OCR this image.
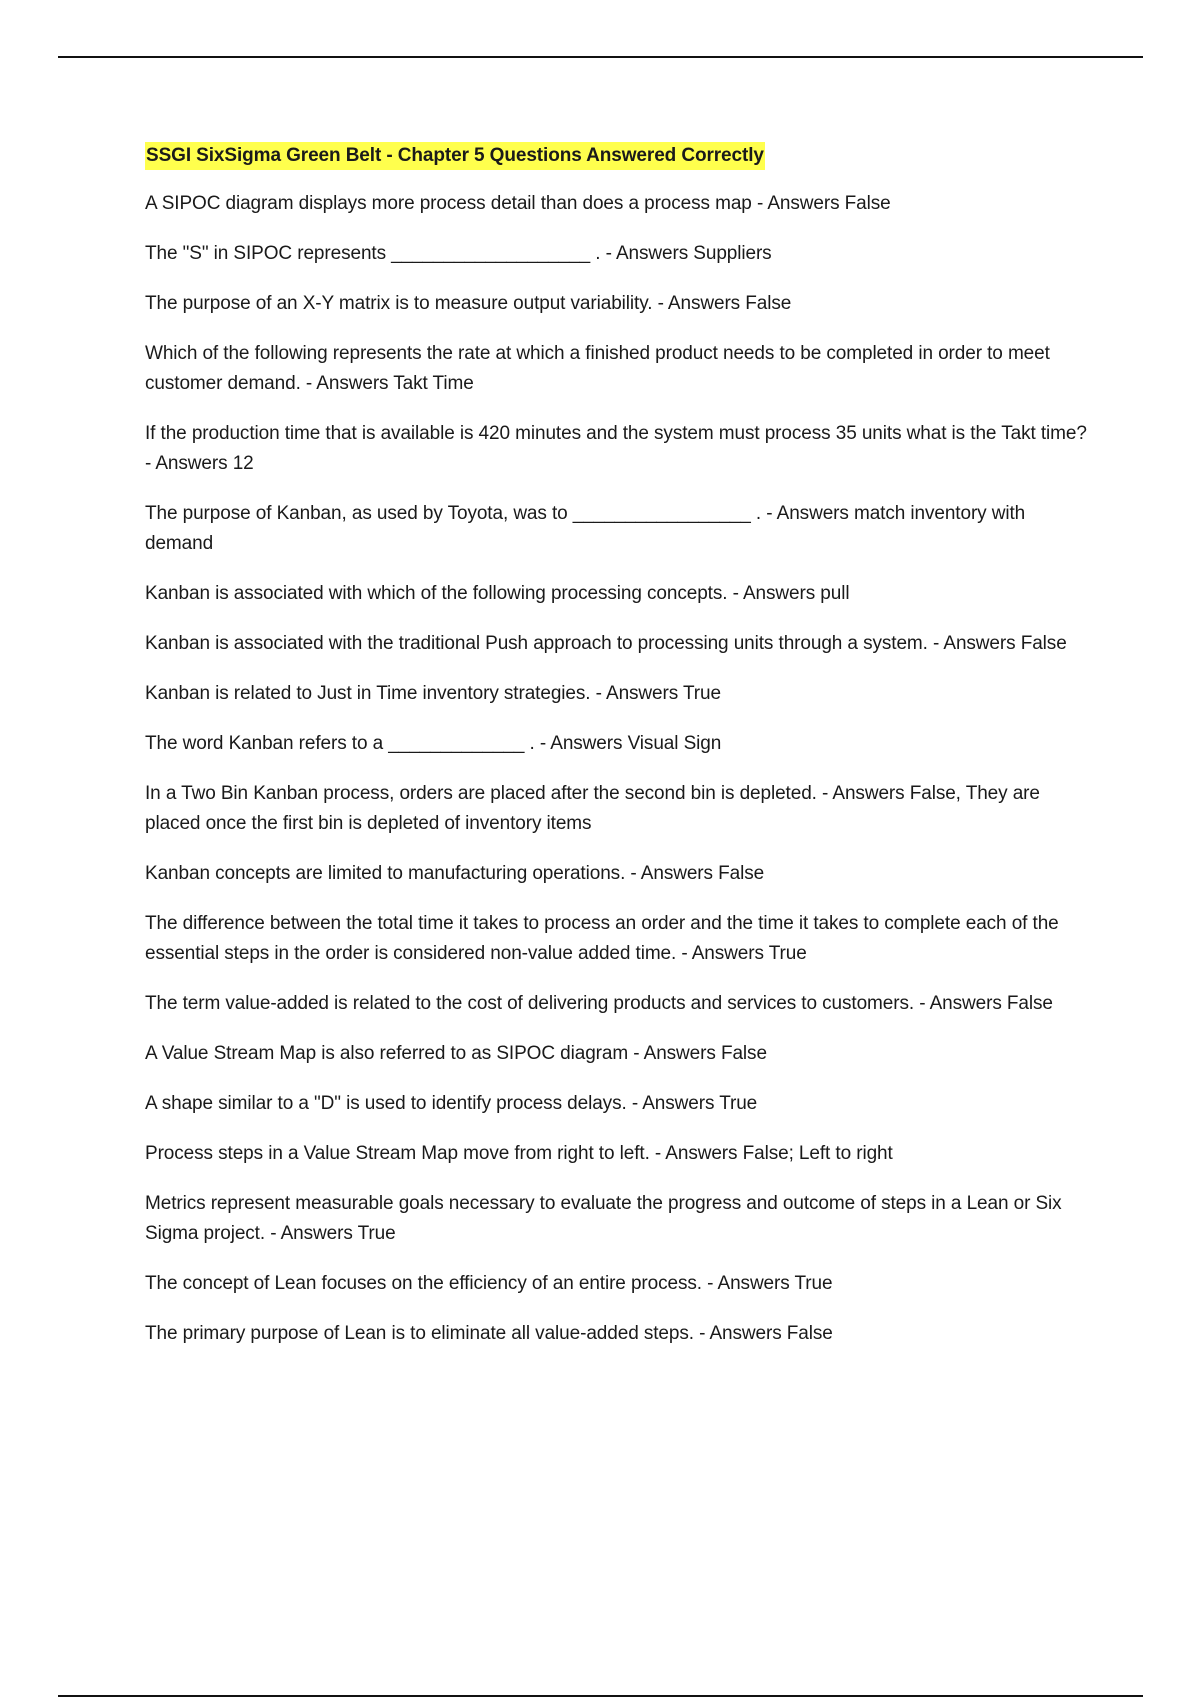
SSGI SixSigma Green Belt - Chapter 5 Questions Answered Correctly

A SIPOC diagram displays more process detail than does a process map - Answers False

The "S" in SIPOC represents ___________________ . - Answers Suppliers

The purpose of an X-Y matrix is to measure output variability. - Answers False

Which of the following represents the rate at which a finished product needs to be completed in order to meet customer demand. - Answers Takt Time

If the production time that is available is 420 minutes and the system must process 35 units what is the Takt time? - Answers 12

The purpose of Kanban, as used by Toyota, was to _________________ . - Answers match inventory with demand

Kanban is associated with which of the following processing concepts. - Answers pull

Kanban is associated with the traditional Push approach to processing units through a system. - Answers False

Kanban is related to Just in Time inventory strategies. - Answers True

The word Kanban refers to a _____________ . - Answers Visual Sign

In a Two Bin Kanban process, orders are placed after the second bin is depleted. - Answers False, They are placed once the first bin is depleted of inventory items

Kanban concepts are limited to manufacturing operations. - Answers False

The difference between the total time it takes to process an order and the time it takes to complete each of the essential steps in the order is considered non-value added time. - Answers True

The term value-added is related to the cost of delivering products and services to customers. - Answers False

A Value Stream Map is also referred to as SIPOC diagram - Answers False

A shape similar to a "D" is used to identify process delays. - Answers True

Process steps in a Value Stream Map move from right to left. - Answers False; Left to right

Metrics represent measurable goals necessary to evaluate the progress and outcome of steps in a Lean or Six Sigma project. - Answers True

The concept of Lean focuses on the efficiency of an entire process. - Answers True

The primary purpose of Lean is to eliminate all value-added steps. - Answers False
